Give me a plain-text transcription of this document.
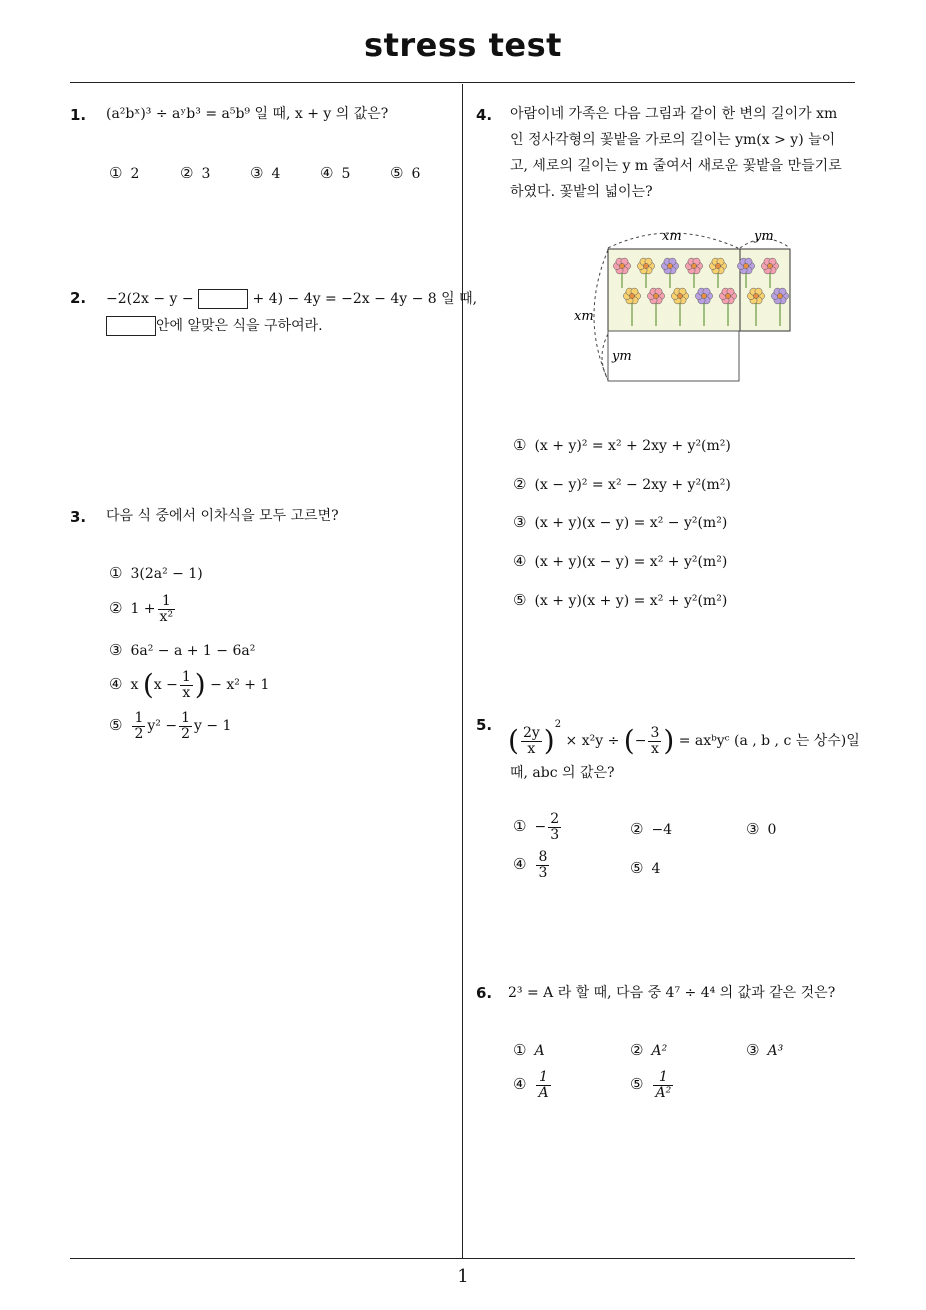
stress test
1. (a²bˣ)³ ÷ aʸb³ = a⁵b⁹ 일 때, x + y 의 값은?
① 2	② 3	③ 4	④ 5	⑤ 6
2. −2(2x − y −	+ 4) − 4y = −2x − 4y − 8 일 때,
안에 알맞은 식을 구하여라.
3. 다음 식 중에서 이차식을 모두 고르면?
① 3(2a² − 1)
② $1 + \frac{1}{\text{x²}}$
③ 6a² − a + 1 − 6a²
④ x ($x - \frac{1}{x}$ ) − x² + 1
⑤ $\frac{1}{2} y^2 - \frac{1}{2}$ y − 1
4. 아람이네 가족은 다음 그림과 같이 한 변의 길이가 xm
인 정사각형의 꽃밭을 가로의 길이는 ym(x > y) 늘이
고, 세로의 길이는 y m 줄여서 새로운 꽃밭을 만들기로
하였다. 꽃밭의 넓이는?
xm	ym
xm
ym
① (x + y)² = x² + 2xy + y²(m²)
② (x − y)² = x² − 2xy + y²(m²)
③ (x + y)(x − y) = x² − y²(m²)
④ (x + y)(x − y) = x² + y²(m²)
⑤ (x + y)(x + y) = x² + y²(m²)
5. ( $\frac{2y}{x} )^2 \times x^2y$ ÷ (− $\frac{3}{x}$ ) = axᵇyᶜ (a , b , c 는 상수)일
때, abc 의 값은?
① − $\frac{2}{3}$	② −4	③ 0
④ $\frac{8}{3}$	⑤ 4
6. 2³ = A 라 할 때, 다음 중 4⁷ ÷ 4⁴ 의 값과 같은 것은?
① A	② A²	③ A³
④ $\frac{1}{A}$	⑤ $\frac{1}{\text{A²}}$
1
